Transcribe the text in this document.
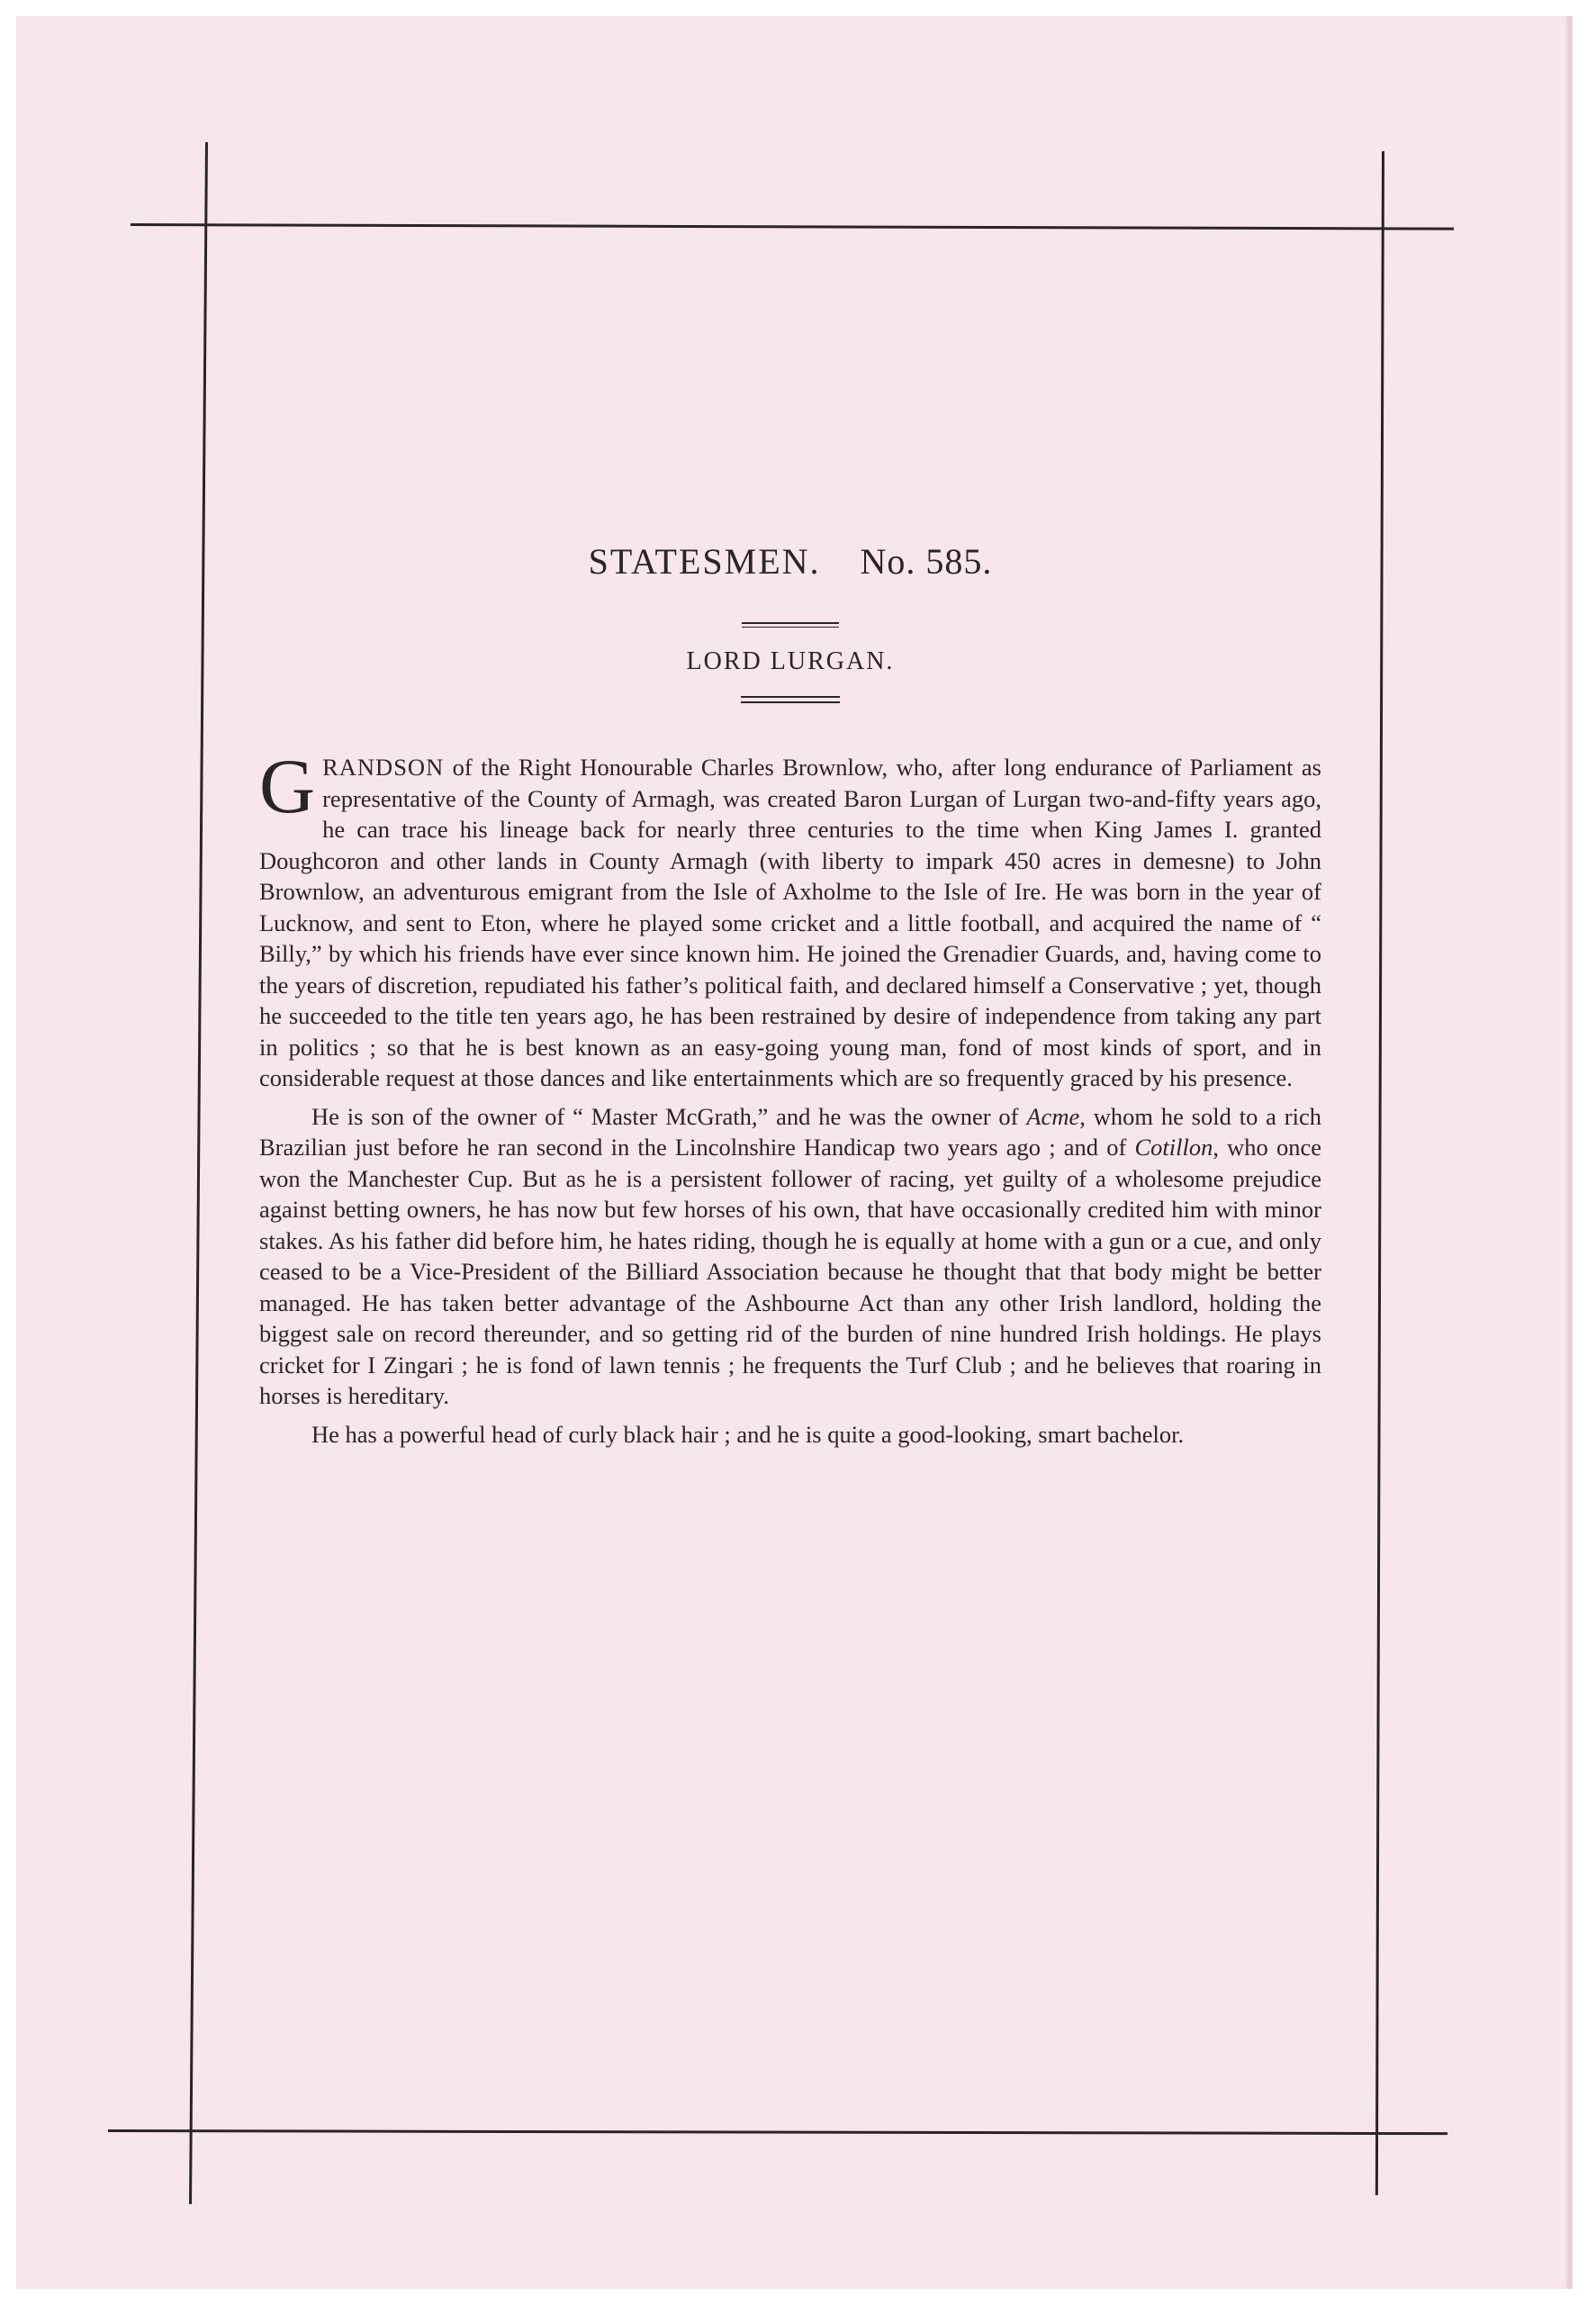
STATESMEN. No. 585.
LORD LURGAN.

GRANDSON of the Right Honourable Charles Brownlow, who, after long endurance of Parliament as representative of the County of Armagh, was created Baron Lurgan of Lurgan two-and-fifty years ago, he can trace his lineage back for nearly three centuries to the time when King James I. granted Doughcoron and other lands in County Armagh (with liberty to impark 450 acres in demesne) to John Brownlow, an adventurous emigrant from the Isle of Axholme to the Isle of Ire. He was born in the year of Lucknow, and sent to Eton, where he played some cricket and a little football, and acquired the name of “ Billy,” by which his friends have ever since known him. He joined the Grenadier Guards, and, having come to the years of discretion, repudiated his father’s political faith, and declared himself a Conservative ; yet, though he succeeded to the title ten years ago, he has been restrained by desire of independence from taking any part in politics ; so that he is best known as an easy-going young man, fond of most kinds of sport, and in considerable request at those dances and like entertainments which are so frequently graced by his presence.

He is son of the owner of “ Master McGrath,” and he was the owner of Acme, whom he sold to a rich Brazilian just before he ran second in the Lincolnshire Handicap two years ago ; and of Cotillon, who once won the Manchester Cup. But as he is a persistent follower of racing, yet guilty of a wholesome prejudice against betting owners, he has now but few horses of his own, that have occasionally credited him with minor stakes. As his father did before him, he hates riding, though he is equally at home with a gun or a cue, and only ceased to be a Vice-President of the Billiard Association because he thought that that body might be better managed. He has taken better advantage of the Ashbourne Act than any other Irish landlord, holding the biggest sale on record thereunder, and so getting rid of the burden of nine hundred Irish holdings. He plays cricket for I Zingari ; he is fond of lawn tennis ; he frequents the Turf Club ; and he believes that roaring in horses is hereditary.

He has a powerful head of curly black hair ; and he is quite a good-looking, smart bachelor.
